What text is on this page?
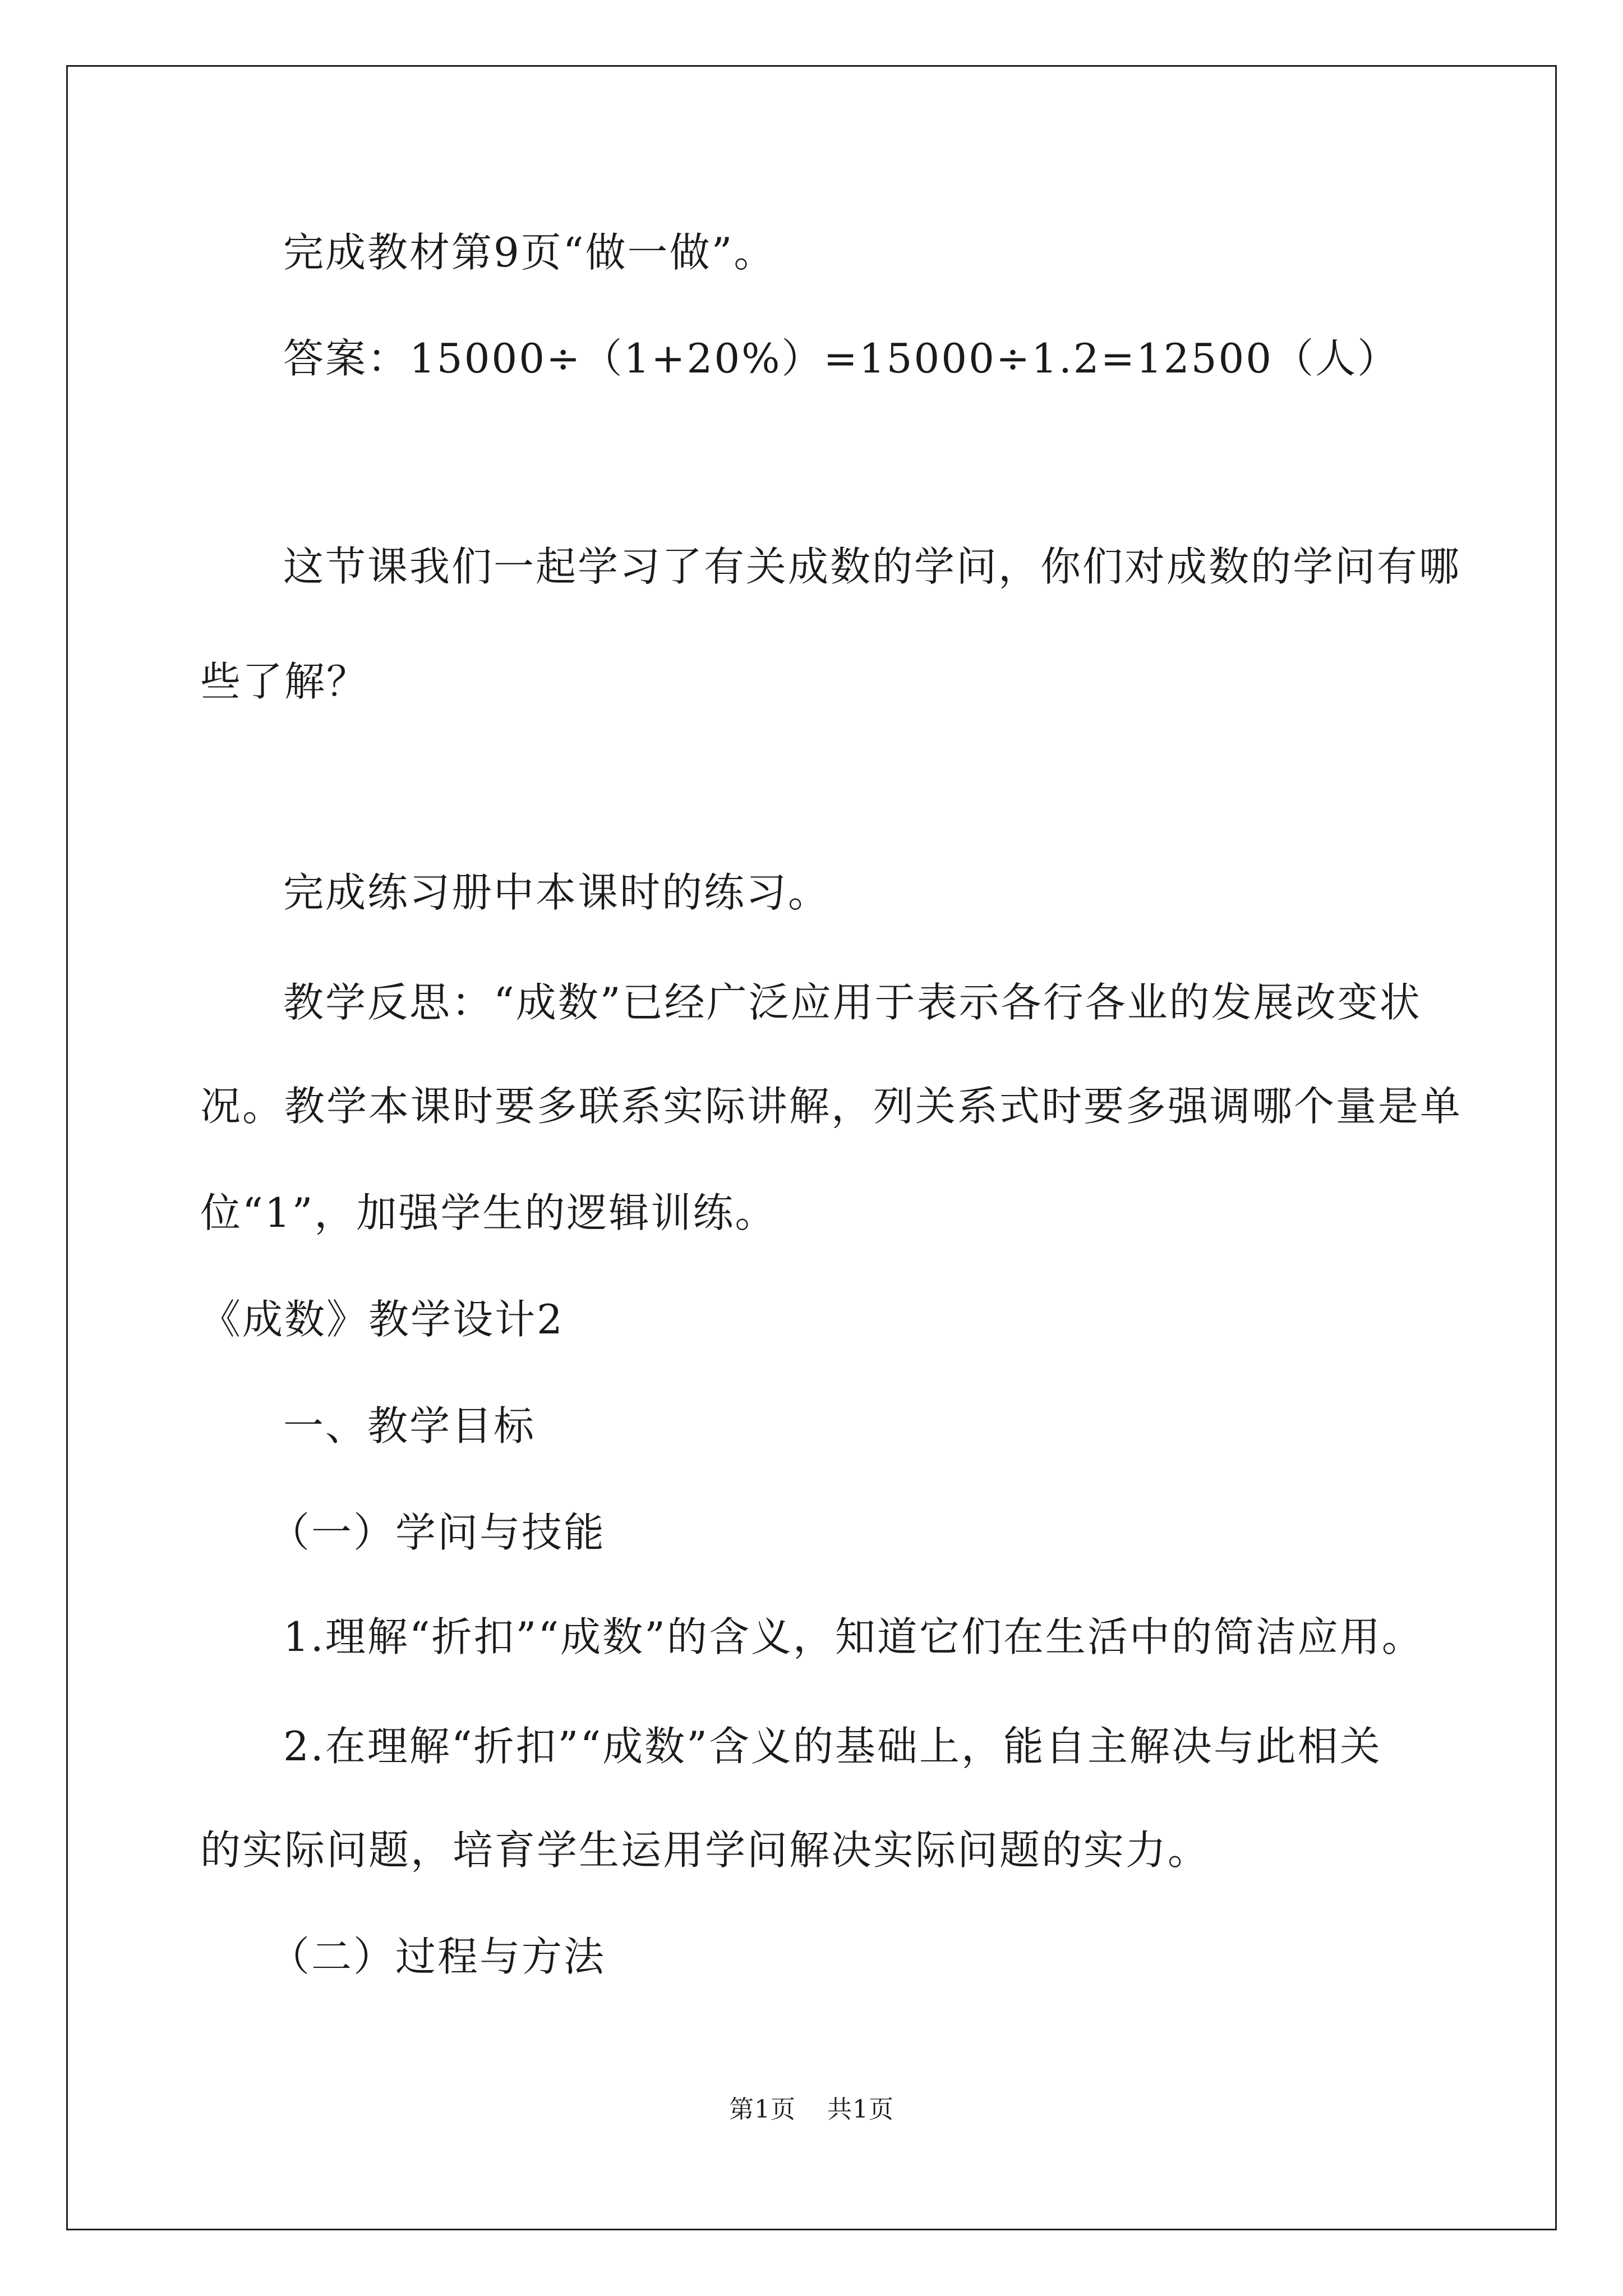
完成教材第9页“做一做”。
答案：15000÷（1+20%）=15000÷1.2=12500（人）
这节课我们一起学习了有关成数的学问，你们对成数的学问有哪
些了解？
完成练习册中本课时的练习。
教学反思：“成数”已经广泛应用于表示各行各业的发展改变状
况。教学本课时要多联系实际讲解，列关系式时要多强调哪个量是单
位“1”，加强学生的逻辑训练。
《成数》教学设计2
一、教学目标
（一）学问与技能
1.理解“折扣”“成数”的含义，知道它们在生活中的简洁应用。
2.在理解“折扣”“成数”含义的基础上，能自主解决与此相关
的实际问题，培育学生运用学问解决实际问题的实力。
（二）过程与方法
第1页 共1页
